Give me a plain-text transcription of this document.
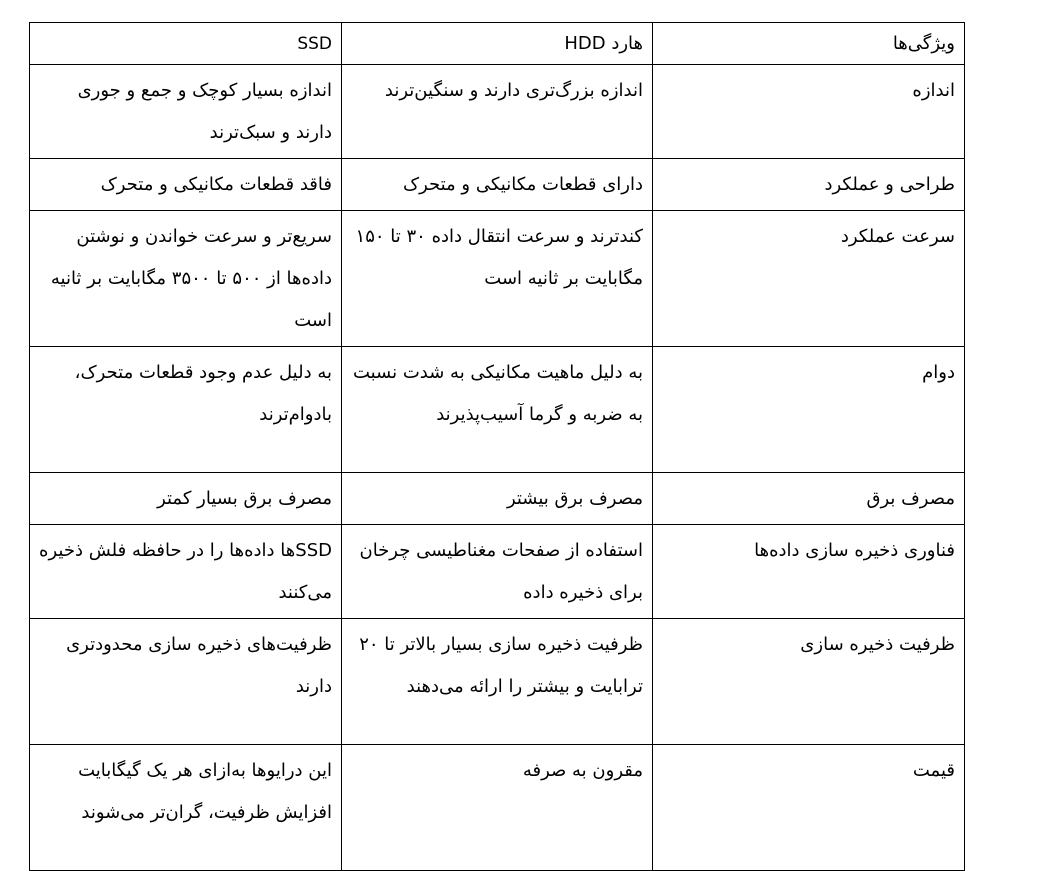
ویژگی‌ها	هارد HDD	SSD
اندازه	اندازه بزرگ‌تری دارند و سنگین‌ترند	اندازه بسیار کوچک و جمع و جوری دارند و سبک‌ترند
طراحی و عملکرد	دارای قطعات مکانیکی و متحرک	فاقد قطعات مکانیکی و متحرک
سرعت عملکرد	کندترند و سرعت انتقال داده ۳۰ تا ۱۵۰ مگابایت بر ثانیه است	سریع‌تر و سرعت خواندن و نوشتن داده‌ها از ۵۰۰ تا ۳۵۰۰ مگابایت بر ثانیه است
دوام	به دلیل ماهیت مکانیکی به شدت نسبت به ضربه و گرما آسیب‌پذیرند	به دلیل عدم وجود قطعات متحرک، بادوام‌ترند
مصرف برق	مصرف برق بیشتر	مصرف برق بسیار کمتر
فناوری ذخیره سازی داده‌ها	استفاده از صفحات مغناطیسی چرخان برای ذخیره داده	SSDها داده‌ها را در حافظه فلش ذخیره می‌کنند
ظرفیت ذخیره سازی	ظرفیت ذخیره سازی بسیار بالاتر تا ۲۰ ترابایت و بیشتر را ارائه می‌دهند	ظرفیت‌های ذخیره سازی محدودتری دارند
قیمت	مقرون به صرفه	این درایوها به‌ازای هر یک گیگابایت افزایش ظرفیت، گران‌تر می‌شوند
